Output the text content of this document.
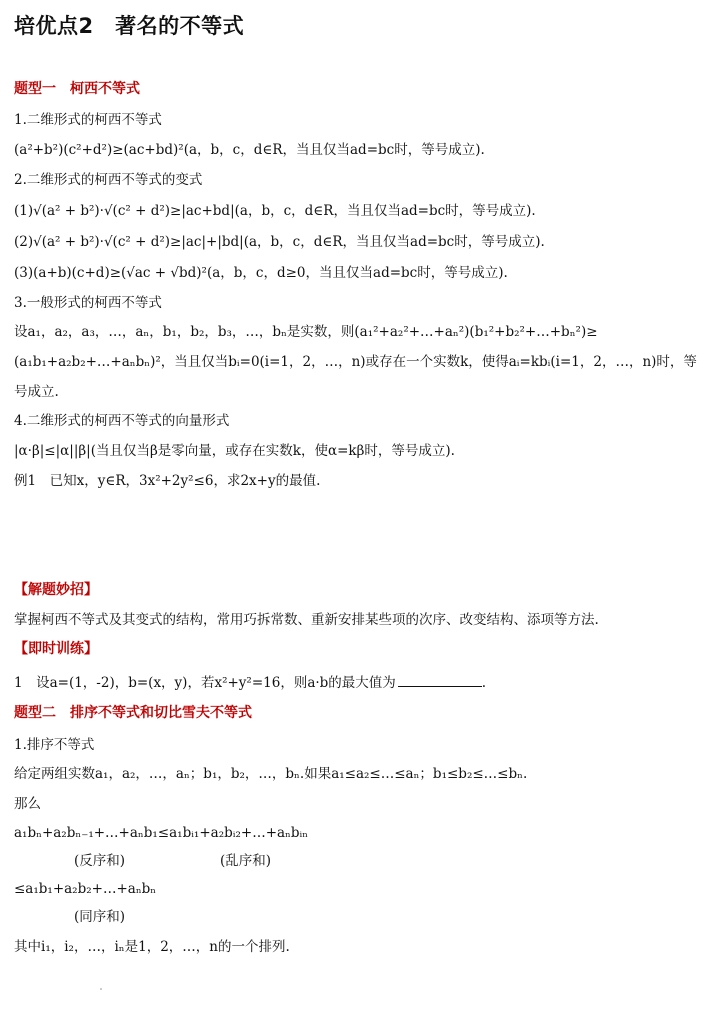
培优点2　著名的不等式
题型一　柯西不等式
1.二维形式的柯西不等式
(a²+b²)(c²+d²)≥(ac+bd)²(a，b，c，d∈R，当且仅当ad=bc时，等号成立).
2.二维形式的柯西不等式的变式
(1)√(a² + b²)·√(c² + d²)≥|ac+bd|(a，b，c，d∈R，当且仅当ad=bc时，等号成立).
(2)√(a² + b²)·√(c² + d²)≥|ac|+|bd|(a，b，c，d∈R，当且仅当ad=bc时，等号成立).
(3)(a+b)(c+d)≥(√ac + √bd)²(a，b，c，d≥0，当且仅当ad=bc时，等号成立).
3.一般形式的柯西不等式
设a₁，a₂，a₃，…，aₙ，b₁，b₂，b₃，…，bₙ是实数，则(a₁²+a₂²+…+aₙ²)(b₁²+b₂²+…+bₙ²)≥
(a₁b₁+a₂b₂+…+aₙbₙ)²，当且仅当bᵢ=0(i=1，2，…，n)或存在一个实数k，使得aᵢ=kbᵢ(i=1，2，…，n)时，等
号成立.
4.二维形式的柯西不等式的向量形式
|α·β|≤|α||β|(当且仅当β是零向量，或存在实数k，使α=kβ时，等号成立).
例1　已知x，y∈R，3x²+2y²≤6，求2x+y的最值.
【解题妙招】
掌握柯西不等式及其变式的结构，常用巧拆常数、重新安排某些项的次序、改变结构、添项等方法.
【即时训练】
1　设a=(1，-2)，b=(x，y)，若x²+y²=16，则a·b的最大值为	.
题型二　排序不等式和切比雪夫不等式
1.排序不等式
给定两组实数a₁，a₂，…，aₙ；b₁，b₂，…，bₙ.如果a₁≤a₂≤…≤aₙ；b₁≤b₂≤…≤bₙ.
那么
a₁bₙ+a₂bₙ₋₁+…+aₙb₁≤a₁bᵢ₁+a₂bᵢ₂+…+aₙbᵢₙ
(反序和)	(乱序和)
≤a₁b₁+a₂b₂+…+aₙbₙ
(同序和)
其中i₁，i₂，…，iₙ是1，2，…，n的一个排列.
